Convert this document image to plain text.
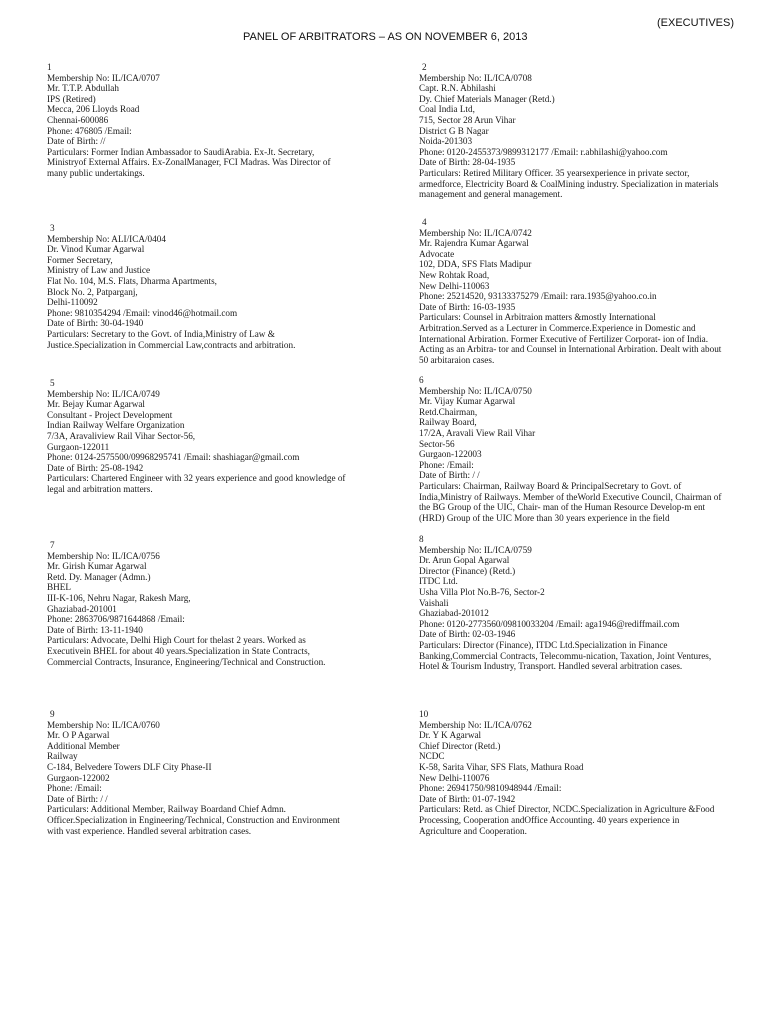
(EXECUTIVES)
PANEL OF ARBITRATORS – AS ON NOVEMBER 6, 2013
1
Membership No: IL/ICA/0707
Mr. T.T.P. Abdullah
IPS (Retired)
Mecca, 206 Lloyds Road
Chennai-600086
Phone: 476805 /Email:
Date of Birth: //
Particulars: Former Indian Ambassador to SaudiArabia. Ex-Jt. Secretary,
Ministryof External Affairs. Ex-ZonalManager, FCI Madras. Was Director of
many public undertakings.
2
Membership No: IL/ICA/0708
Capt. R.N. Abhilashi
Dy. Chief Materials Manager (Retd.)
Coal India Ltd,
715, Sector 28 Arun Vihar
District G B Nagar
Noida-201303
Phone: 0120-2455373/9899312177 /Email: r.abhilashi@yahoo.com
Date of Birth: 28-04-1935
Particulars: Retired Military Officer. 35 yearsexperience in private sector,
armedforce, Electricity Board & CoalMining industry. Specialization in materials
management and general management.
3
Membership No: ALI/ICA/0404
Dr. Vinod Kumar Agarwal
Former Secretary,
Ministry of Law and Justice
Flat No. 104, M.S. Flats, Dharma Apartments,
Block No. 2, Patparganj,
Delhi-110092
Phone: 9810354294 /Email: vinod46@hotmail.com
Date of Birth: 30-04-1940
Particulars: Secretary to the Govt. of India,Ministry of Law &
Justice.Specialization in Commercial Law,contracts and arbitration.
4
Membership No: IL/ICA/0742
Mr. Rajendra Kumar Agarwal
Advocate
102, DDA, SFS Flats Madipur
New Rohtak Road,
New Delhi-110063
Phone: 25214520, 93133375279 /Email: rara.1935@yahoo.co.in
Date of Birth: 16-03-1935
Particulars: Counsel in Arbitraion matters &mostly International
Arbitration.Served as a Lecturer in Commerce.Experience in Domestic and
International Arbiration. Former Executive of Fertilizer Corporat- ion of India.
Acting as an Arbitra- tor and Counsel in International Arbiration. Dealt with about
50 arbitaraion cases.
5
Membership No: IL/ICA/0749
Mr. Bejay Kumar Agarwal
Consultant - Project Development
Indian Railway Welfare Organization
7/3A, Aravaliview Rail Vihar Sector-56,
Gurgaon-122011
Phone: 0124-2575500/09968295741 /Email: shashiagar@gmail.com
Date of Birth: 25-08-1942
Particulars: Chartered Engineer with 32 years experience and good knowledge of
legal and arbitration matters.
6
Membership No: IL/ICA/0750
Mr. Vijay Kumar Agarwal
Retd.Chairman,
Railway Board,
17/2A, Aravali View Rail Vihar
Sector-56
Gurgaon-122003
Phone: /Email:
Date of Birth: / /
Particulars: Chairman, Railway Board & PrincipalSecretary to Govt. of
India,Ministry of Railways. Member of theWorld Executive Council, Chairman of
the BG Group of the UIC, Chair- man of the Human Resource Develop-m ent
(HRD) Group of the UIC More than 30 years experience in the field
7
Membership No: IL/ICA/0756
Mr. Girish Kumar Agarwal
Retd. Dy. Manager (Admn.)
BHEL
III-K-106, Nehru Nagar, Rakesh Marg,
Ghaziabad-201001
Phone: 2863706/9871644868 /Email:
Date of Birth: 13-11-1940
Particulars: Advocate, Delhi High Court for thelast 2 years. Worked as
Executivein BHEL for about 40 years.Specialization in State Contracts,
Commercial Contracts, Insurance, Engineering/Technical and Construction.
8
Membership No: IL/ICA/0759
Dr. Arun Gopal Agarwal
Director (Finance) (Retd.)
ITDC Ltd.
Usha Villa Plot No.B-76, Sector-2
Vaishali
Ghaziabad-201012
Phone: 0120-2773560/09810033204 /Email: aga1946@rediffmail.com
Date of Birth: 02-03-1946
Particulars: Director (Finance), ITDC Ltd.Specialization in Finance
Banking,Commercial Contracts, Telecommu-nication, Taxation, Joint Ventures,
Hotel & Tourism Industry, Transport. Handled several arbitration cases.
9
Membership No: IL/ICA/0760
Mr. O P Agarwal
Additional Member
Railway
C-184, Belvedere Towers DLF City Phase-II
Gurgaon-122002
Phone: /Email:
Date of Birth: / /
Particulars: Additional Member, Railway Boardand Chief Admn.
Officer.Specialization in Engineering/Technical, Construction and Environment
with vast experience. Handled several arbitration cases.
10
Membership No: IL/ICA/0762
Dr. Y K Agarwal
Chief Director (Retd.)
NCDC
K-58, Sarita Vihar, SFS Flats, Mathura Road
New Delhi-110076
Phone: 26941750/9810948944 /Email:
Date of Birth: 01-07-1942
Particulars: Retd. as Chief Director, NCDC.Specialization in Agriculture &Food
Processing, Cooperation andOffice Accounting. 40 years experience in
Agriculture and Cooperation.
